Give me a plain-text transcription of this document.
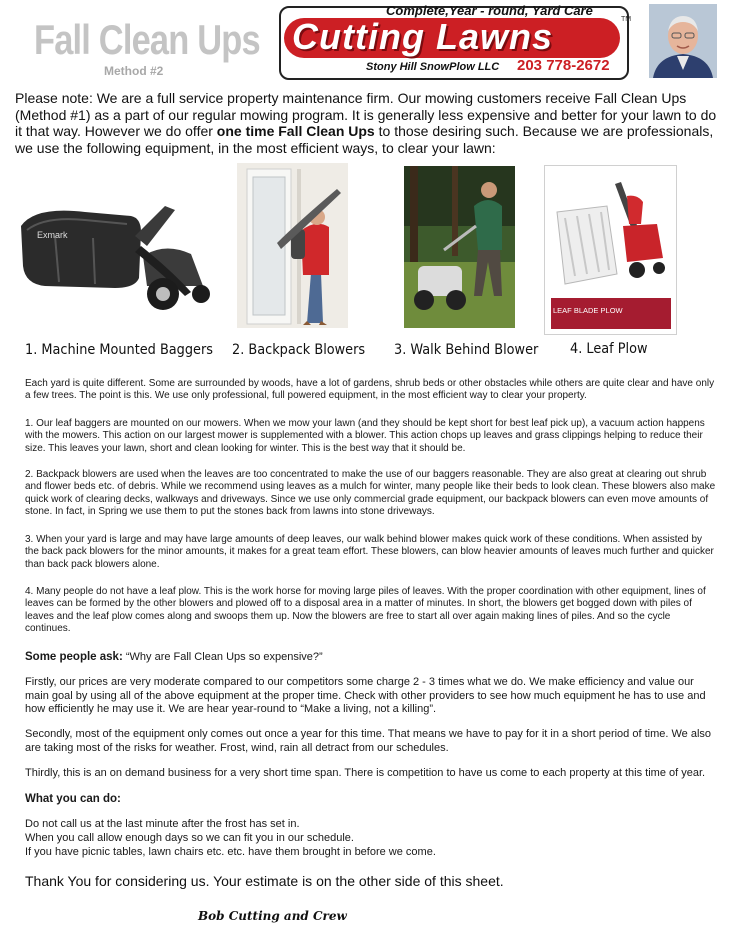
Fall Clean Ups
Method #2
Cutting Lawns
Complete,Year - round, Yard Care
TM
Stony Hill SnowPlow LLC 203 778-2672
Please note: We are a full service property maintenance firm. Our mowing customers receive Fall Clean Ups (Method #1) as a part of our regular mowing program. It is generally less expensive and better for your lawn to do it that way. However we do offer one time Fall Clean Ups to those desiring such. Because we are professionals, we use the following equipment, in the most efficient ways, to clear your lawn:
Exmark
LEAF BLADE PLOW
1. Machine Mounted Baggers 2. Backpack Blowers 3. Walk Behind Blower 4. Leaf Plow
Each yard is quite different. Some are surrounded by woods, have a lot of gardens, shrub beds or other obstacles while others are quite clear and have only a few trees. The point is this. We use only professional, full powered equipment, in the most efficient way to clear your property.
1. Our leaf baggers are mounted on our mowers. When we mow your lawn (and they should be kept short for best leaf pick up), a vacuum action happens with the mowers. This action on our largest mower is supplemented with a blower. This action chops up leaves and grass clippings helping to reduce their size. This leaves your lawn, short and clean looking for winter. This is the best way that it should be.
2. Backpack blowers are used when the leaves are too concentrated to make the use of our baggers reasonable. They are also great at clearing out shrub and flower beds etc. of debris. While we recommend using leaves as a mulch for winter, many people like their beds to look clean. These blowers also make quick work of clearing decks, walkways and driveways. Since we use only commercial grade equipment, our backpack blowers can even move amounts of stone. In fact, in Spring we use them to put the stones back from lawns into stone driveways.
3. When your yard is large and may have large amounts of deep leaves, our walk behind blower makes quick work of these conditions. When assisted by the back pack blowers for the minor amounts, it makes for a great team effort. These blowers, can blow heavier amounts of leaves much further and quicker than back pack blowers alone.
4. Many people do not have a leaf plow. This is the work horse for moving large piles of leaves. With the proper coordination with other equipment, lines of leaves can be formed by the other blowers and plowed off to a disposal area in a matter of minutes. In short, the blowers get bogged down with piles of leaves and the leaf plow comes along and swoops them up. Now the blowers are free to start all over again making lines of piles. And so the cycle continues.
Some people ask: “Why are Fall Clean Ups so expensive?”
Firstly, our prices are very moderate compared to our competitors some charge 2 - 3 times what we do. We make efficiency and value our main goal by using all of the above equipment at the proper time. Check with other providers to see how much equipment he has to use and how efficiently he may use it. We are hear year-round to “Make a living, not a killing”.
Secondly, most of the equipment only comes out once a year for this time. That means we have to pay for it in a short period of time. We also are taking most of the risks for weather. Frost, wind, rain all detract from our schedules.
Thirdly, this is an on demand business for a very short time span. There is competition to have us come to each property at this time of year.
What you can do:
Do not call us at the last minute after the frost has set in.
When you call allow enough days so we can fit you in our schedule.
If you have picnic tables, lawn chairs etc. etc. have them brought in before we come.
Thank You for considering us. Your estimate is on the other side of this sheet.
Bob Cutting and Crew
